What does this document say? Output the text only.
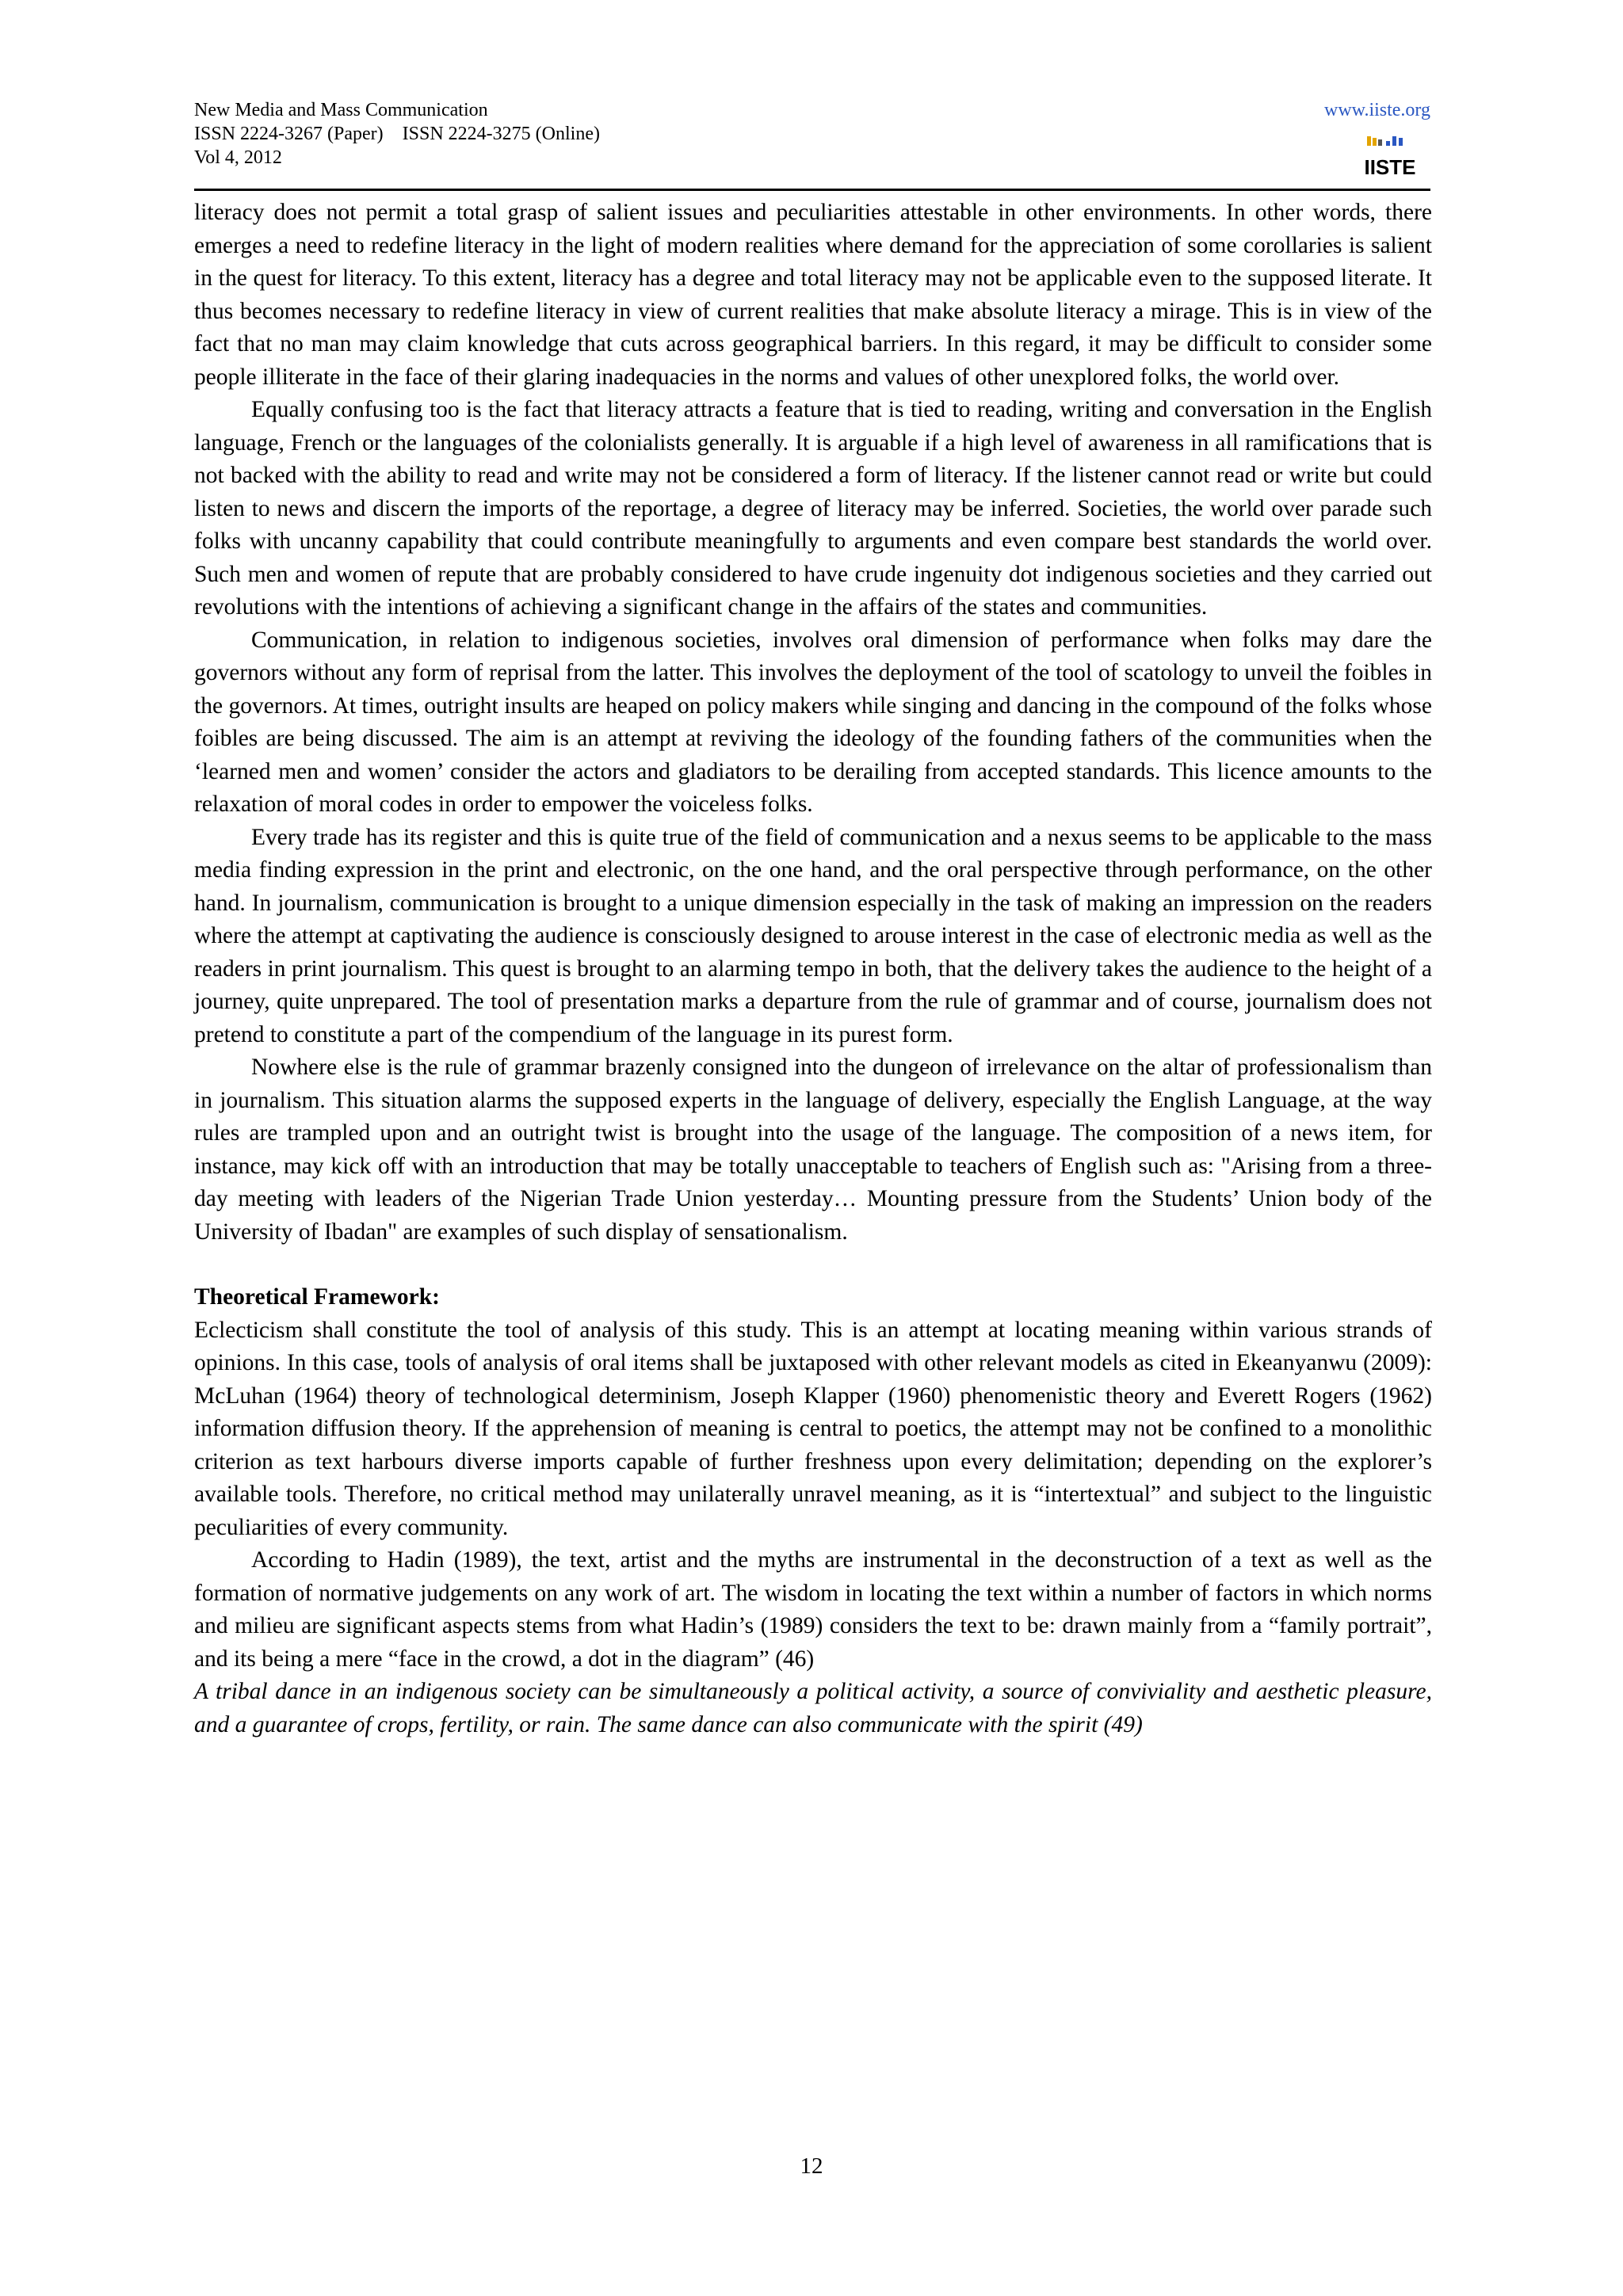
New Media and Mass Communication
ISSN 2224-3267 (Paper)    ISSN 2224-3275 (Online)
Vol 4, 2012
www.iiste.org
IISTE

literacy does not permit a total grasp of salient issues and peculiarities attestable in other environments. In other words, there emerges a need to redefine literacy in the light of modern realities where demand for the appreciation of some corollaries is salient in the quest for literacy. To this extent, literacy has a degree and total literacy may not be applicable even to the supposed literate. It thus becomes necessary to redefine literacy in view of current realities that make absolute literacy a mirage. This is in view of the fact that no man may claim knowledge that cuts across geographical barriers. In this regard, it may be difficult to consider some people illiterate in the face of their glaring inadequacies in the norms and values of other unexplored folks, the world over.

Equally confusing too is the fact that literacy attracts a feature that is tied to reading, writing and conversation in the English language, French or the languages of the colonialists generally. It is arguable if a high level of awareness in all ramifications that is not backed with the ability to read and write may not be considered a form of literacy. If the listener cannot read or write but could listen to news and discern the imports of the reportage, a degree of literacy may be inferred. Societies, the world over parade such folks with uncanny capability that could contribute meaningfully to arguments and even compare best standards the world over. Such men and women of repute that are probably considered to have crude ingenuity dot indigenous societies and they carried out revolutions with the intentions of achieving a significant change in the affairs of the states and communities.

Communication, in relation to indigenous societies, involves oral dimension of performance when folks may dare the governors without any form of reprisal from the latter. This involves the deployment of the tool of scatology to unveil the foibles in the governors. At times, outright insults are heaped on policy makers while singing and dancing in the compound of the folks whose foibles are being discussed. The aim is an attempt at reviving the ideology of the founding fathers of the communities when the ‘learned men and women’ consider the actors and gladiators to be derailing from accepted standards. This licence amounts to the relaxation of moral codes in order to empower the voiceless folks.

Every trade has its register and this is quite true of the field of communication and a nexus seems to be applicable to the mass media finding expression in the print and electronic, on the one hand, and the oral perspective through performance, on the other hand. In journalism, communication is brought to a unique dimension especially in the task of making an impression on the readers where the attempt at captivating the audience is consciously designed to arouse interest in the case of electronic media as well as the readers in print journalism. This quest is brought to an alarming tempo in both, that the delivery takes the audience to the height of a journey, quite unprepared. The tool of presentation marks a departure from the rule of grammar and of course, journalism does not pretend to constitute a part of the compendium of the language in its purest form.

Nowhere else is the rule of grammar brazenly consigned into the dungeon of irrelevance on the altar of professionalism than in journalism. This situation alarms the supposed experts in the language of delivery, especially the English Language, at the way rules are trampled upon and an outright twist is brought into the usage of the language. The composition of a news item, for instance, may kick off with an introduction that may be totally unacceptable to teachers of English such as: "Arising from a three-day meeting with leaders of the Nigerian Trade Union yesterday… Mounting pressure from the Students’ Union body of the University of Ibadan" are examples of such display of sensationalism.

Theoretical Framework:

Eclecticism shall constitute the tool of analysis of this study. This is an attempt at locating meaning within various strands of opinions. In this case, tools of analysis of oral items shall be juxtaposed with other relevant models as cited in Ekeanyanwu (2009): McLuhan (1964) theory of technological determinism, Joseph Klapper (1960) phenomenistic theory and Everett Rogers (1962) information diffusion theory. If the apprehension of meaning is central to poetics, the attempt may not be confined to a monolithic criterion as text harbours diverse imports capable of further freshness upon every delimitation; depending on the explorer’s available tools. Therefore, no critical method may unilaterally unravel meaning, as it is “intertextual” and subject to the linguistic peculiarities of every community.

According to Hadin (1989), the text, artist and the myths are instrumental in the deconstruction of a text as well as the formation of normative judgements on any work of art. The wisdom in locating the text within a number of factors in which norms and milieu are significant aspects stems from what Hadin’s (1989) considers the text to be: drawn mainly from a “family portrait”, and its being a mere “face in the crowd, a dot in the diagram” (46)

A tribal dance in an indigenous society can be simultaneously a political activity, a source of conviviality and aesthetic pleasure, and a guarantee of crops, fertility, or rain. The same dance can also communicate with the spirit (49)

12
